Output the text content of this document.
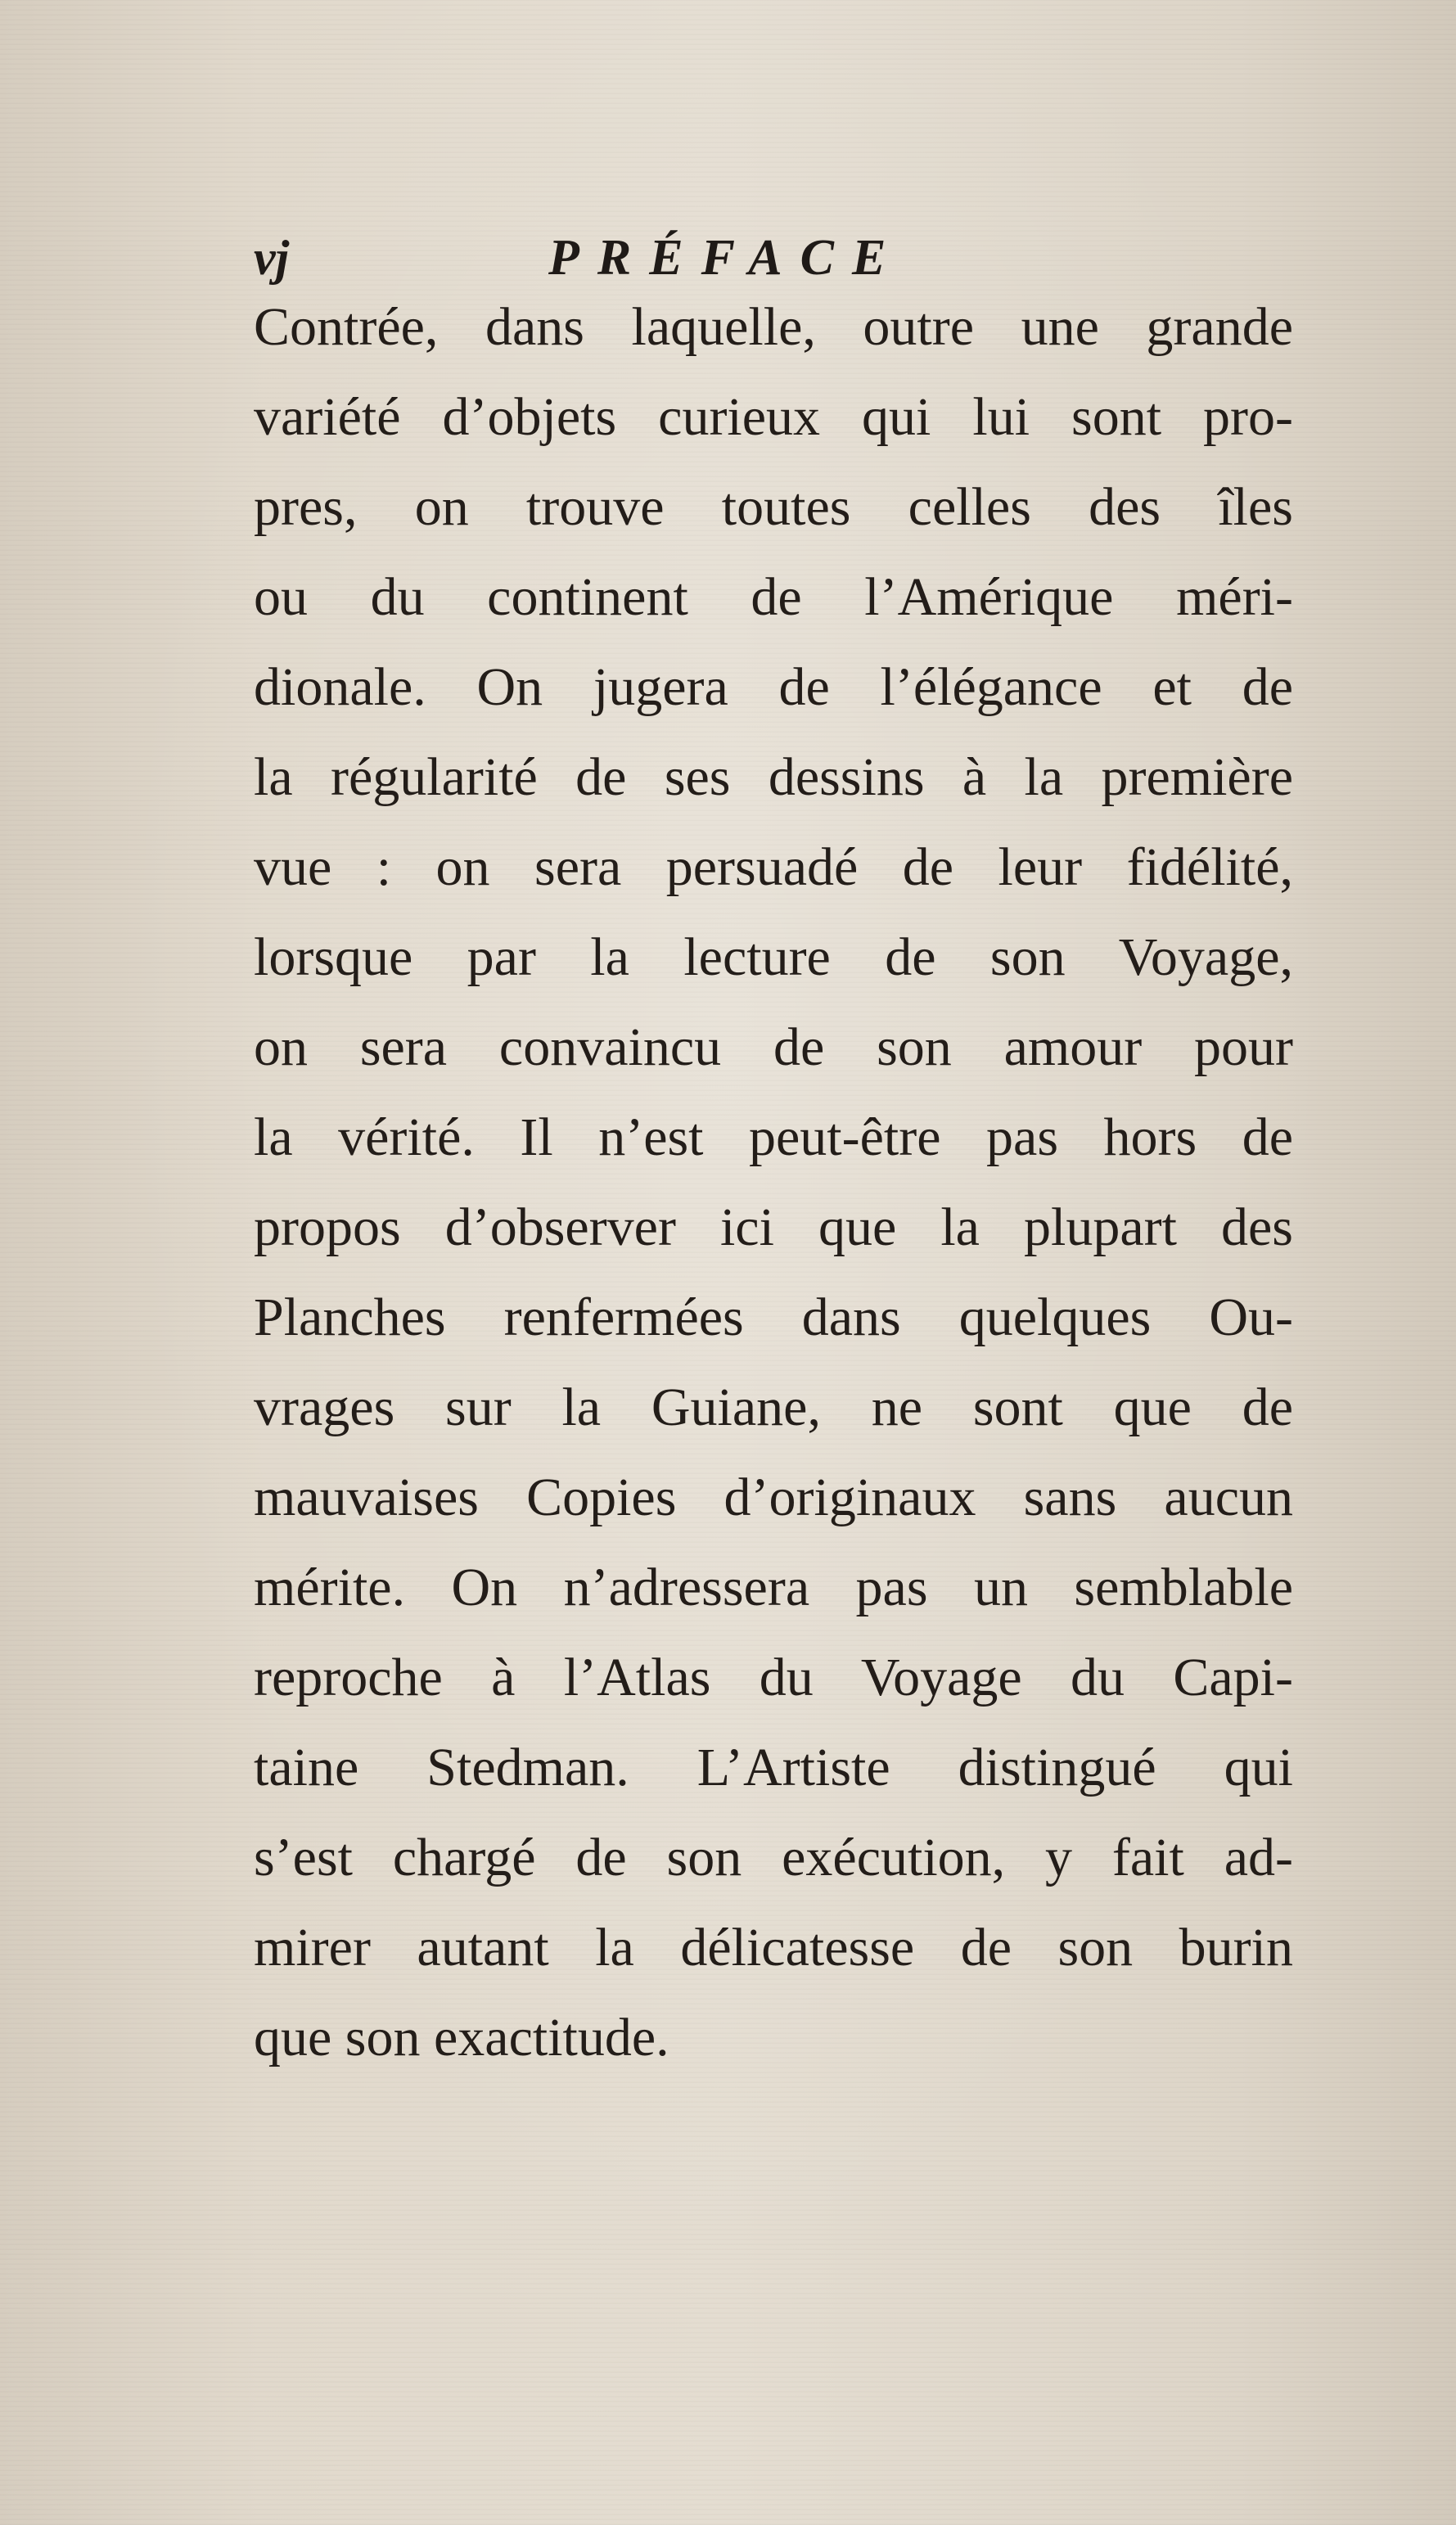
vj	PRÉFACE
Contrée, dans laquelle, outre une grande
variété d’objets curieux qui lui sont pro-
pres, on trouve toutes celles des îles
ou du continent de l’Amérique méri-
dionale. On jugera de l’élégance et de
la régularité de ses dessins à la première
vue : on sera persuadé de leur fidélité,
lorsque par la lecture de son Voyage,
on sera convaincu de son amour pour
la vérité. Il n’est peut-être pas hors de
propos d’observer ici que la plupart des
Planches renfermées dans quelques Ou-
vrages sur la Guiane, ne sont que de
mauvaises Copies d’originaux sans aucun
mérite. On n’adressera pas un semblable
reproche à l’Atlas du Voyage du Capi-
taine Stedman. L’Artiste distingué qui
s’est chargé de son exécution, y fait ad-
mirer autant la délicatesse de son burin
que son exactitude.
